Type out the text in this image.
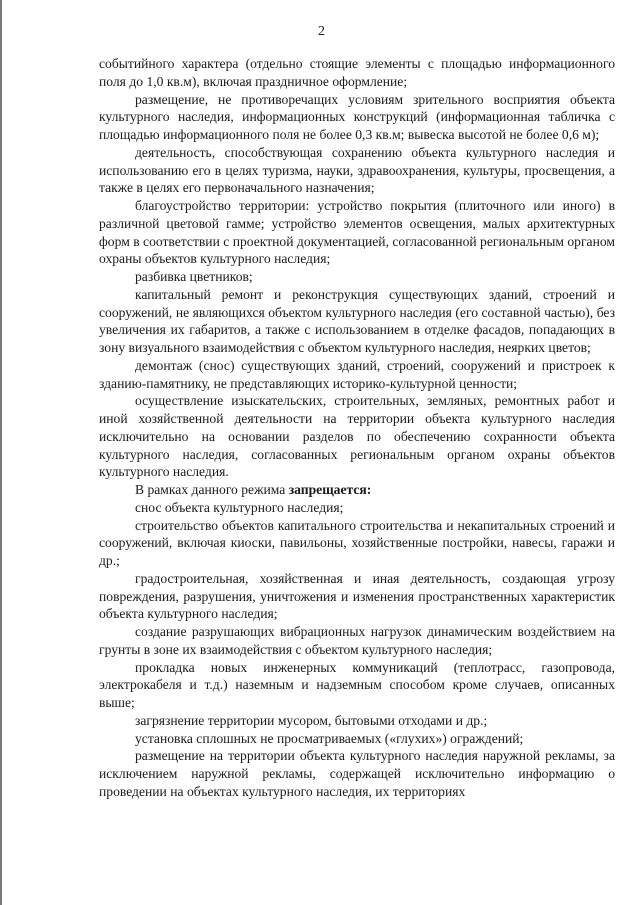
2

событийного характера (отдельно стоящие элементы с площадью информационного поля до 1,0 кв.м), включая праздничное оформление;

размещение, не противоречащих условиям зрительного восприятия объекта культурного наследия, информационных конструкций (информационная табличка с площадью информационного поля не более 0,3 кв.м; вывеска высотой не более 0,6 м);

деятельность, способствующая сохранению объекта культурного наследия и использованию его в целях туризма, науки, здравоохранения, культуры, просвещения, а также в целях его первоначального назначения;

благоустройство территории: устройство покрытия (плиточного или иного) в различной цветовой гамме; устройство элементов освещения, малых архитектурных форм в соответствии с проектной документацией, согласованной региональным органом охраны объектов культурного наследия;

разбивка цветников;

капитальный ремонт и реконструкция существующих зданий, строений и сооружений, не являющихся объектом культурного наследия (его составной частью), без увеличения их габаритов, а также с использованием в отделке фасадов, попадающих в зону визуального взаимодействия с объектом культурного наследия, неярких цветов;

демонтаж (снос) существующих зданий, строений, сооружений и пристроек к зданию-памятнику, не представляющих историко-культурной ценности;

осуществление изыскательских, строительных, земляных, ремонтных работ и иной хозяйственной деятельности на территории объекта культурного наследия исключительно на основании разделов по обеспечению сохранности объекта культурного наследия, согласованных региональным органом охраны объектов культурного наследия.

В рамках данного режима запрещается:

снос объекта культурного наследия;

строительство объектов капитального строительства и некапитальных строений и сооружений, включая киоски, павильоны, хозяйственные постройки, навесы, гаражи и др.;

градостроительная, хозяйственная и иная деятельность, создающая угрозу повреждения, разрушения, уничтожения и изменения пространственных характеристик объекта культурного наследия;

создание разрушающих вибрационных нагрузок динамическим воздействием на грунты в зоне их взаимодействия с объектом культурного наследия;

прокладка новых инженерных коммуникаций (теплотрасс, газопровода, электрокабеля и т.д.) наземным и надземным способом кроме случаев, описанных выше;

загрязнение территории мусором, бытовыми отходами и др.;

установка сплошных не просматриваемых («глухих») ограждений;

размещение на территории объекта культурного наследия наружной рекламы, за исключением наружной рекламы, содержащей исключительно информацию о проведении на объектах культурного наследия, их территориях
